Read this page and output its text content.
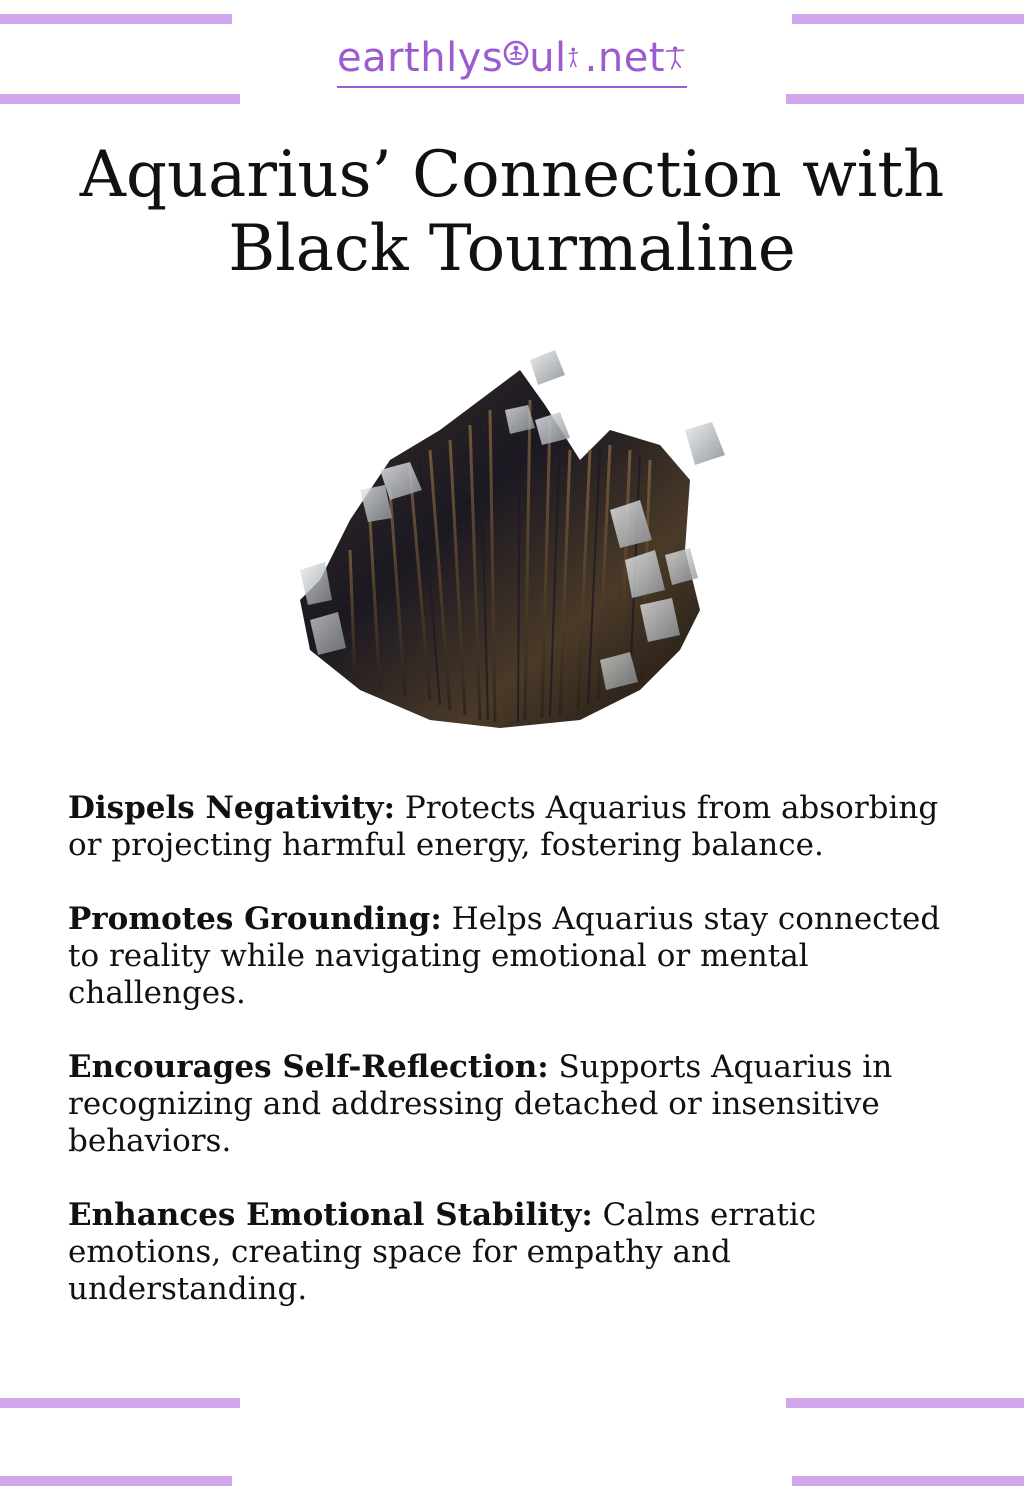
earthlys ul .net
Aquarius’ Connection with
Black Tourmaline

Dispels Negativity: Protects Aquarius from absorbing or projecting harmful energy, fostering balance.

Promotes Grounding: Helps Aquarius stay connected to reality while navigating emotional or mental challenges.

Encourages Self-Reflection: Supports Aquarius in recognizing and addressing detached or insensitive behaviors.

Enhances Emotional Stability: Calms erratic emotions, creating space for empathy and understanding.
